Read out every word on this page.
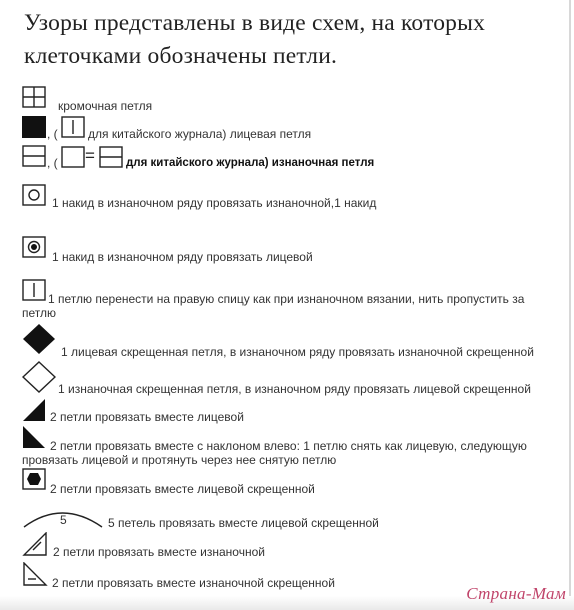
Узоры представлены в виде схем, на которых клеточками обозначены петли.
кромочная петля
, (	для китайского журнала) лицевая петля
, ( =	для китайского журнала) изнаночная петля
1 накид в изнаночном ряду провязать изнаночной,1 накид
1 накид в изнаночном ряду провязать лицевой
1 петлю перенести на правую спицу как при изнаночном вязании, нить пропустить за
петлю
1 лицевая скрещенная петля, в изнаночном ряду провязать изнаночной скрещенной
1 изнаночная скрещенная петля, в изнаночном ряду провязать лицевой скрещенной
2 петли провязать вместе лицевой
2 петли провязать вместе с наклоном влево: 1 петлю снять как лицевую, следующую
провязать лицевой и протянуть через нее снятую петлю
2 петли провязать вместе лицевой скрещенной
5	5 петель провязать вместе лицевой скрещенной
2 петли провязать вместе изнаночной
2 петли провязать вместе изнаночной скрещенной
Страна-Мам
